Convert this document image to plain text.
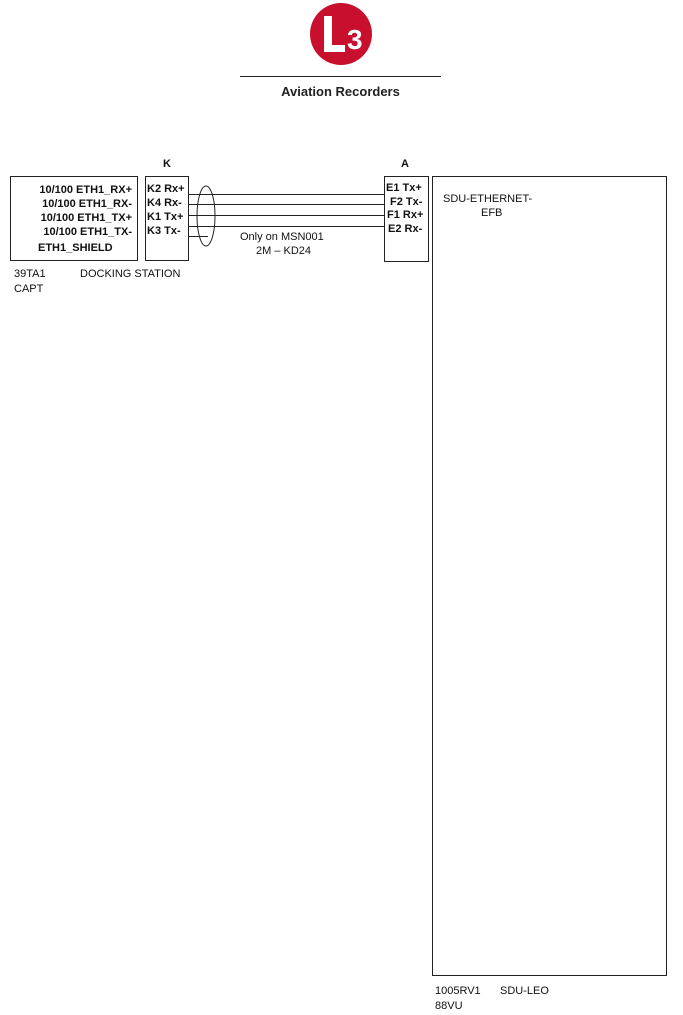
3
Aviation Recorders
K	A
10/100 ETH1_RX+
10/100 ETH1_RX-
10/100 ETH1_TX+
10/100 ETH1_TX-
ETH1_SHIELD
K2 Rx+
K4 Rx-
K1 Tx+
K3 Tx-
E1 Tx+
F2 Tx-
F1 Rx+
E2 Rx-
Only on MSN001
2M – KD24
39TA1	DOCKING STATION
CAPT
SDU-ETHERNET-
EFB
1005RV1 SDU-LEO
88VU
